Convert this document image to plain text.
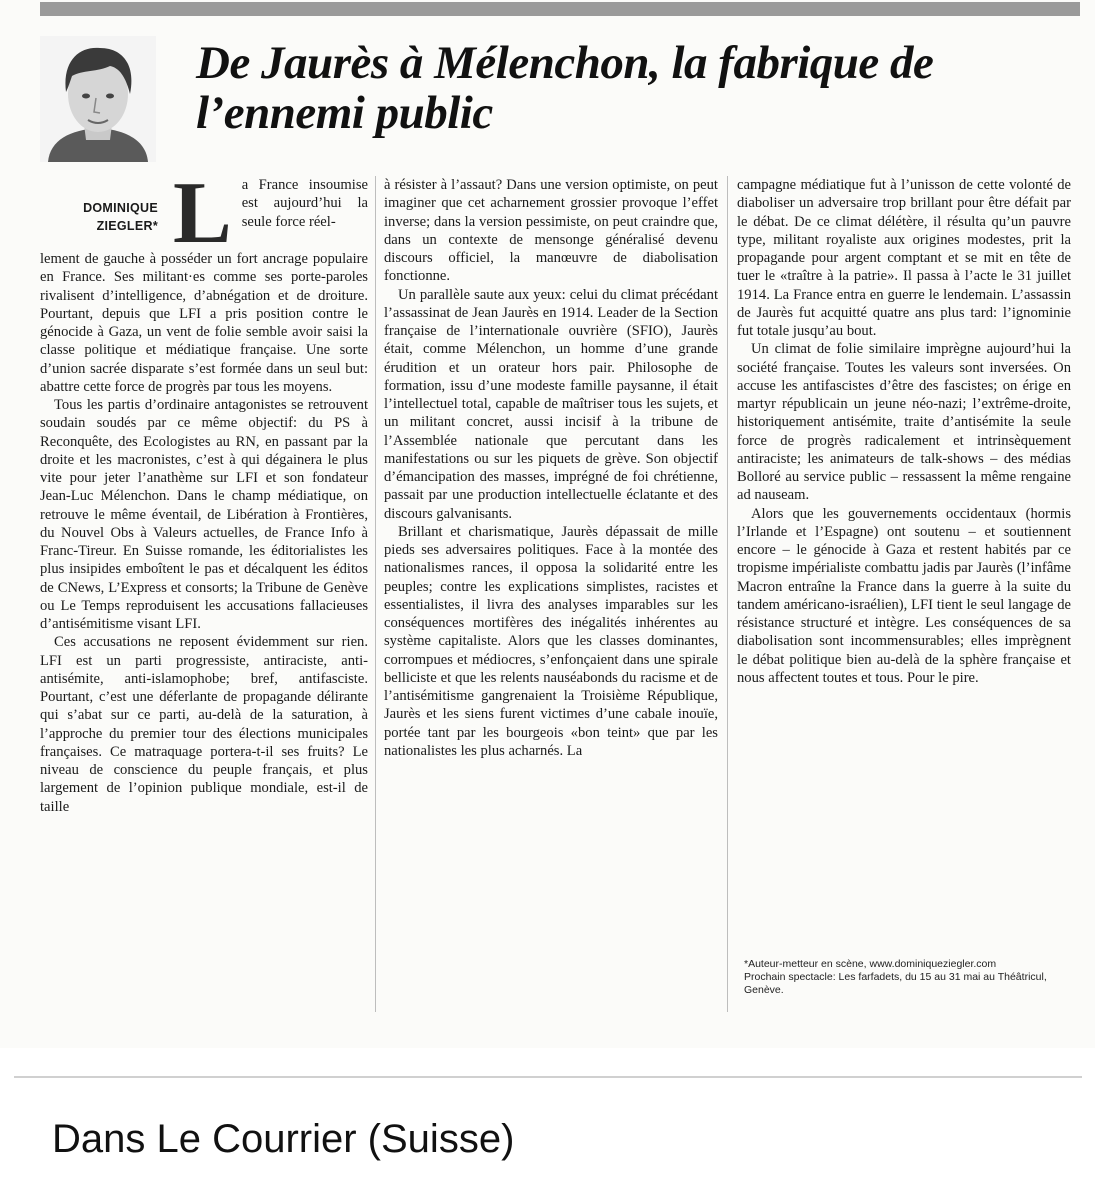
De Jaurès à Mélenchon, la fabrique de l’ennemi public
DOMINIQUE
ZIEGLER* L a France insoumise est aujourd’hui la seule force réel-

lement de gauche à posséder un fort ancrage populaire en France. Ses militant·es comme ses porte-paroles rivalisent d’intelligence, d’abnégation et de droiture. Pourtant, depuis que LFI a pris position contre le génocide à Gaza, un vent de folie semble avoir saisi la classe politique et médiatique française. Une sorte d’union sacrée disparate s’est formée dans un seul but: abattre cette force de progrès par tous les moyens.

Tous les partis d’ordinaire antagonistes se retrouvent soudain soudés par ce même objectif: du PS à Reconquête, des Ecologistes au RN, en passant par la droite et les macronistes, c’est à qui dégainera le plus vite pour jeter l’anathème sur LFI et son fondateur Jean-Luc Mélenchon. Dans le champ médiatique, on retrouve le même éventail, de Libération à Frontières, du Nouvel Obs à Valeurs actuelles, de France Info à Franc-Tireur. En Suisse romande, les éditorialistes les plus insipides emboîtent le pas et décalquent les éditos de CNews, L’Express et consorts; la Tribune de Genève ou Le Temps reproduisent les accusations fallacieuses d’antisémitisme visant LFI.

Ces accusations ne reposent évidemment sur rien. LFI est un parti progressiste, antiraciste, anti-antisémite, anti-islamophobe; bref, antifasciste. Pourtant, c’est une déferlante de propagande délirante qui s’abat sur ce parti, au-delà de la saturation, à l’approche du premier tour des élections municipales françaises. Ce matraquage portera-t-il ses fruits? Le niveau de conscience du peuple français, et plus largement de l’opinion publique mondiale, est-il de taille

à résister à l’assaut? Dans une version optimiste, on peut imaginer que cet acharnement grossier provoque l’effet inverse; dans la version pessimiste, on peut craindre que, dans un contexte de mensonge généralisé devenu discours officiel, la manœuvre de diabolisation fonctionne.

Un parallèle saute aux yeux: celui du climat précédant l’assassinat de Jean Jaurès en 1914. Leader de la Section française de l’internationale ouvrière (SFIO), Jaurès était, comme Mélenchon, un homme d’une grande érudition et un orateur hors pair. Philosophe de formation, issu d’une modeste famille paysanne, il était l’intellectuel total, capable de maîtriser tous les sujets, et un militant concret, aussi incisif à la tribune de l’Assemblée nationale que percutant dans les manifestations ou sur les piquets de grève. Son objectif d’émancipation des masses, imprégné de foi chrétienne, passait par une production intellectuelle éclatante et des discours galvanisants.

Brillant et charismatique, Jaurès dépassait de mille pieds ses adversaires politiques. Face à la montée des nationalismes rances, il opposa la solidarité entre les peuples; contre les explications simplistes, racistes et essentialistes, il livra des analyses imparables sur les conséquences mortifères des inégalités inhérentes au système capitaliste. Alors que les classes dominantes, corrompues et médiocres, s’enfonçaient dans une spirale belliciste et que les relents nauséabonds du racisme et de l’antisémitisme gangrenaient la Troisième République, Jaurès et les siens furent victimes d’une cabale inouïe, portée tant par les bourgeois «bon teint» que par les nationalistes les plus acharnés. La

campagne médiatique fut à l’unisson de cette volonté de diaboliser un adversaire trop brillant pour être défait par le débat. De ce climat délétère, il résulta qu’un pauvre type, militant royaliste aux origines modestes, prit la propagande pour argent comptant et se mit en tête de tuer le «traître à la patrie». Il passa à l’acte le 31 juillet 1914. La France entra en guerre le lendemain. L’assassin de Jaurès fut acquitté quatre ans plus tard: l’ignominie fut totale jusqu’au bout.

Un climat de folie similaire imprègne aujourd’hui la société française. Toutes les valeurs sont inversées. On accuse les antifascistes d’être des fascistes; on érige en martyr républicain un jeune néo-nazi; l’extrême-droite, historiquement antisémite, traite d’antisémite la seule force de progrès radicalement et intrinsèquement antiraciste; les animateurs de talk-shows – des médias Bolloré au service public – ressassent la même rengaine ad nauseam.

Alors que les gouvernements occidentaux (hormis l’Irlande et l’Espagne) ont soutenu – et soutiennent encore – le génocide à Gaza et restent habités par ce tropisme impérialiste combattu jadis par Jaurès (l’infâme Macron entraîne la France dans la guerre à la suite du tandem américano-israélien), LFI tient le seul langage de résistance structuré et intègre. Les conséquences de sa diabolisation sont incommensurables; elles imprègnent le débat politique bien au-delà de la sphère française et nous affectent toutes et tous. Pour le pire.

*Auteur-metteur en scène, www.dominiqueziegler.com

Prochain spectacle: Les farfadets, du 15 au 31 mai au Théâtricul, Genève.

Dans Le Courrier (Suisse)
